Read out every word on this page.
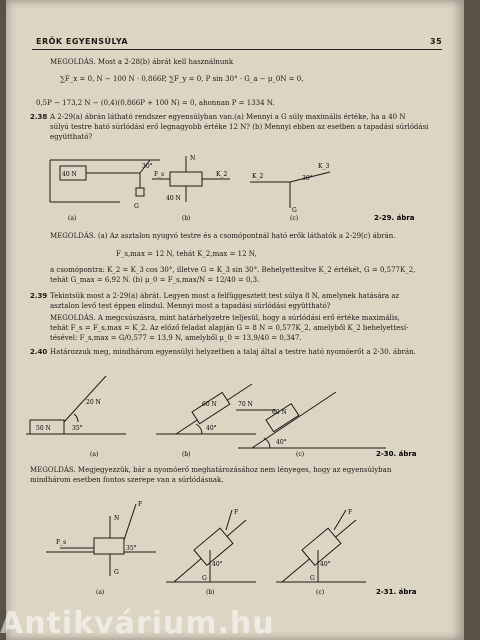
ERŐK EGYENSÚLYA	35
MEGOLDÁS. Most a 2-28(b) ábrát kell használnunk
∑F_x = 0, N − 100 N · 0,866P, ∑F_y = 0, P sin 30° · G_a − μ_0N = 0,
0,5P − 173,2 N − (0,4)(0,866P + 100 N) = 0, ahonnan P = 1334 N.
2.38 A 2-29(a) ábrán látható rendszer egyensúlyban van.(a) Mennyi a G súly maximális értéke, ha a 40 N
súlyú testre ható súrlódási erő legnagyobb értéke 12 N? (b) Mennyi ebben az esetben a tapadási súrlódási
együttható?
40 N
30°
G
F_s	K_2
N
40 N
K_2
K_3
30°
G
(a)	(b)	(c)	2-29. ábra
MEGOLDÁS. (a) Az asztalon nyugvó testre és a csomópontnál ható erők láthatók a 2-29(c) ábrán.
F_s,max = 12 N, tehát K_2,max = 12 N,
a csomópontra: K_2 = K_3 cos 30°, illetve G = K_3 sin 30°. Behelyettesítve K_2 értékét, G = 0,577K_2,
tehát G_max = 6,92 N. (b) μ_0 = F_s,max/N = 12/40 = 0,3.
2.39 Tekintsük most a 2-29(a) ábrát. Legyen most a felfüggesztett test súlya 8 N, amelynek hatására az
asztalon levő test éppen elindul. Mennyi most a tapadási súrlódási együttható?
MEGOLDÁS. A megcsúszásra, mint határhelyzetre teljesül, hogy a súrlódási erő értéke maximális,
tehát F_s = F_s,max = K_2. Az előző feladat alapján G = 8 N = 0,577K_2, amelyből K_2 behelyettesí-
tésével: F_s,max = G/0,577 = 13,9 N, amelyből μ_0 = 13,9/40 = 0,347.
2.40 Határozzuk meg, mindhárom egyensúlyi helyzetben a talaj által a testre ható nyomóerőt a 2-30. ábrán.
20 N
50 N	35°
60 N
40°
70 N
60 N
40°
(a)	(b)	(c)	2-30. ábra
MEGOLDÁS. Megjegyezzük, bár a nyomóerő meghatározásához nem lényeges, hogy az egyensúlyban
mindhárom esetben fontos szerepe van a súrlódásnak.
F
F_s
N
G
35°
F
40°
G
F
40°
G
(a)	(b)	(c)	2-31. ábra
Antikvárium.hu
